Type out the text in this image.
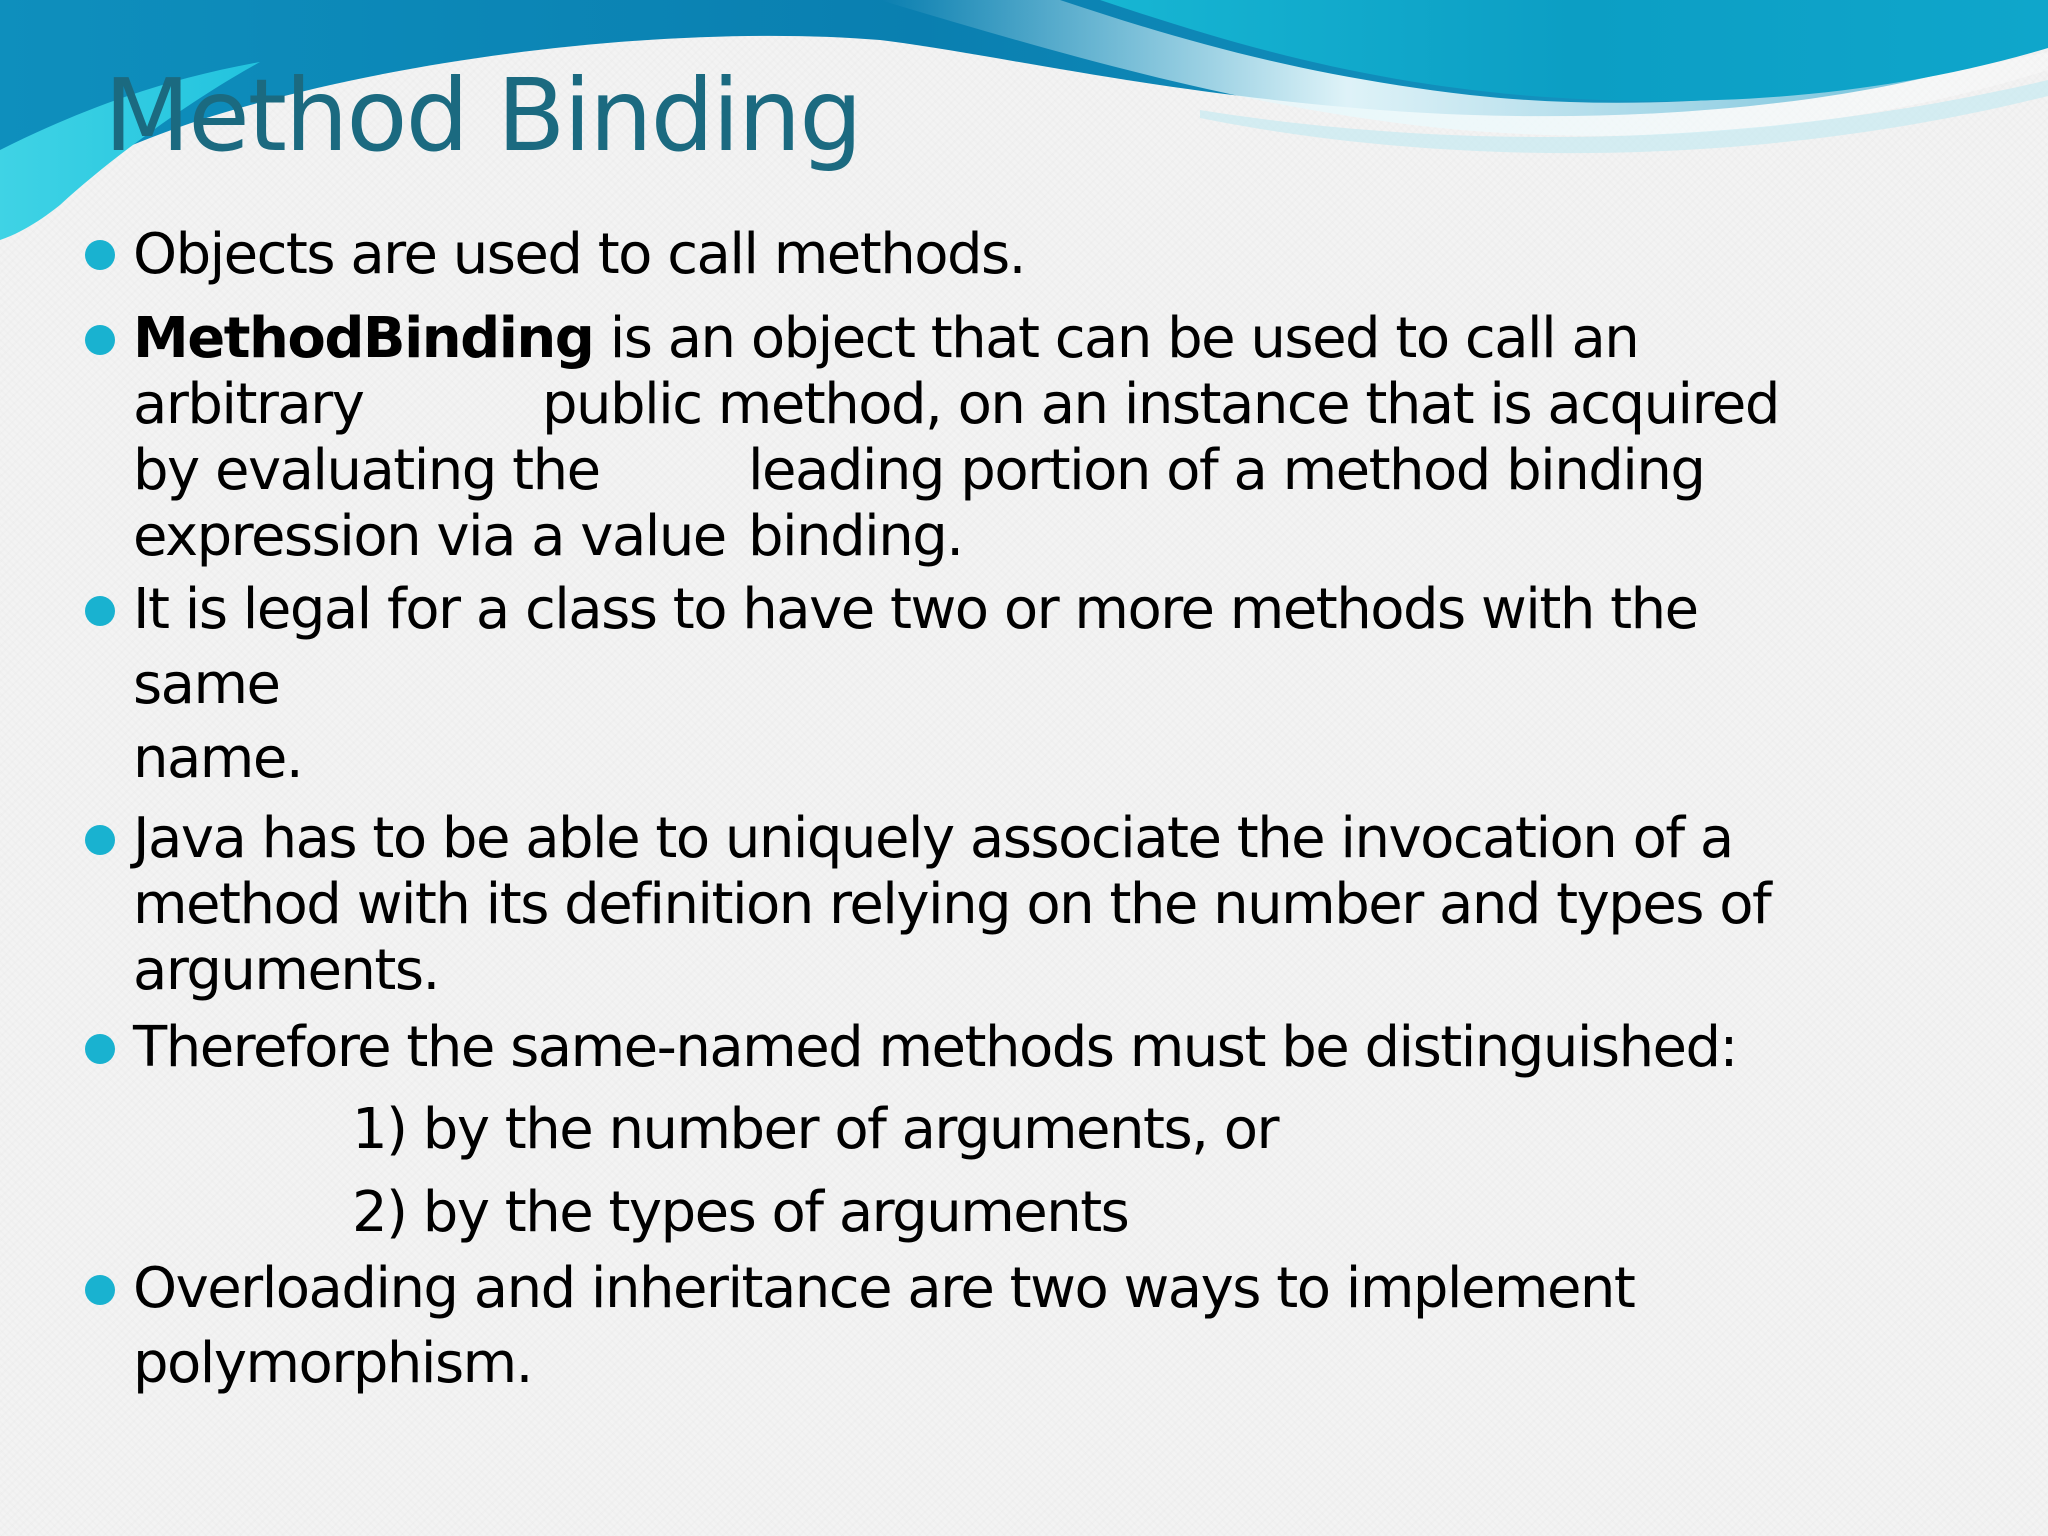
Method Binding
Objects are used to call methods.
MethodBinding is an object that can be used to call an
arbitrary	public method, on an instance that is acquired
by evaluating the	leading portion of a method binding
expression via a value binding.
It is legal for a class to have two or more methods with the
same
name.
Java has to be able to uniquely associate the invocation of a
method with its definition relying on the number and types of
arguments.
Therefore the same-named methods must be distinguished:
1) by the number of arguments, or
2) by the types of arguments
Overloading and inheritance are two ways to implement
polymorphism.
